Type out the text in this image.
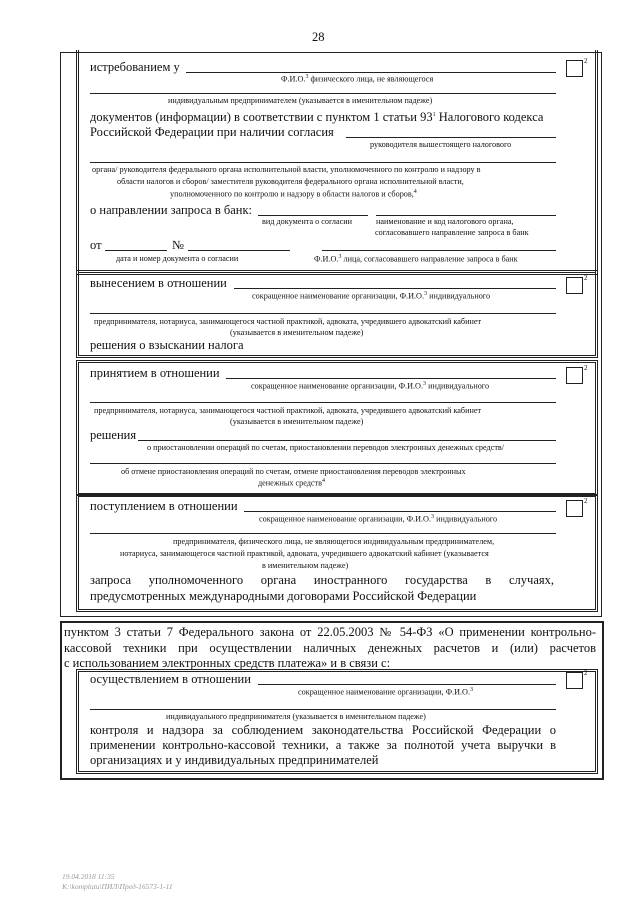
28
2
истребованием у
Ф.И.О.$^3$ физического лица, не являющегося
индивидуальным предпринимателем (указывается в именительном падеже)
документов (информации) в соответствии с пунктом 1 статьи $93^1$ Налогового кодекса
Российской Федерации при наличии согласия
руководителя вышестоящего налогового
органа/ руководителя федерального органа исполнительной власти, уполномоченного по контролю и надзору в
области налогов и сборов/ заместителя руководителя федерального органа исполнительной власти,
уполномоченного по контролю и надзору в области налогов и сборов,$^4$
о направлении запроса в банк:
вид документа о согласии	наименование и код налогового органа,
согласовавшего направление запроса в банк
от	№
дата и номер документа о согласии	Ф.И.О.$^3$ лица, согласовавшего направление запроса в банк
2
вынесением в отношении
сокращенное наименование организации, Ф.И.О.$^3$ индивидуального
предпринимателя, нотариуса, занимающегося частной практикой, адвоката, учредившего адвокатский кабинет
(указывается в именительном падеже)
решения о взыскании налога
2
принятием в отношении
сокращенное наименование организации, Ф.И.О.$^3$ индивидуального
предпринимателя, нотариуса, занимающегося частной практикой, адвоката, учредившего адвокатский кабинет
(указывается в именительном падеже)
решения
о приостановлении операций по счетам, приостановлении переводов электронных денежных средств/
об отмене приостановления операций по счетам, отмене приостановления переводов электронных
денежных средств$^4$
2
поступлением в отношении
сокращенное наименование организации, Ф.И.О.$^3$ индивидуального
предпринимателя, физического лица, не являющегося индивидуальным предпринимателем,
нотариуса, занимающегося частной практикой, адвоката, учредившего адвокатский кабинет (указывается
в именительном падеже)
запроса уполномоченного органа иностранного государства в случаях,
предусмотренных международными договорами Российской Федерации
пунктом 3 статьи 7 Федерального закона от 22.05.2003 № 54-ФЗ «О применении контрольно-
кассовой техники при осуществлении наличных денежных расчетов и (или) расчетов
с использованием электронных средств платежа» и в связи с:
2
осуществлением в отношении
сокращенное наименование организации, Ф.И.О.$^3$
индивидуального предпринимателя (указывается в именительном падеже)
контроля и надзора за соблюдением законодательства Российской Федерации о
применении контрольно-кассовой техники, а также за полнотой учета выручки в
организациях и у индивидуальных предпринимателей
19.04.2018 11:35
К:\komplutu\ПИЛ\Пред-16573-1-11
